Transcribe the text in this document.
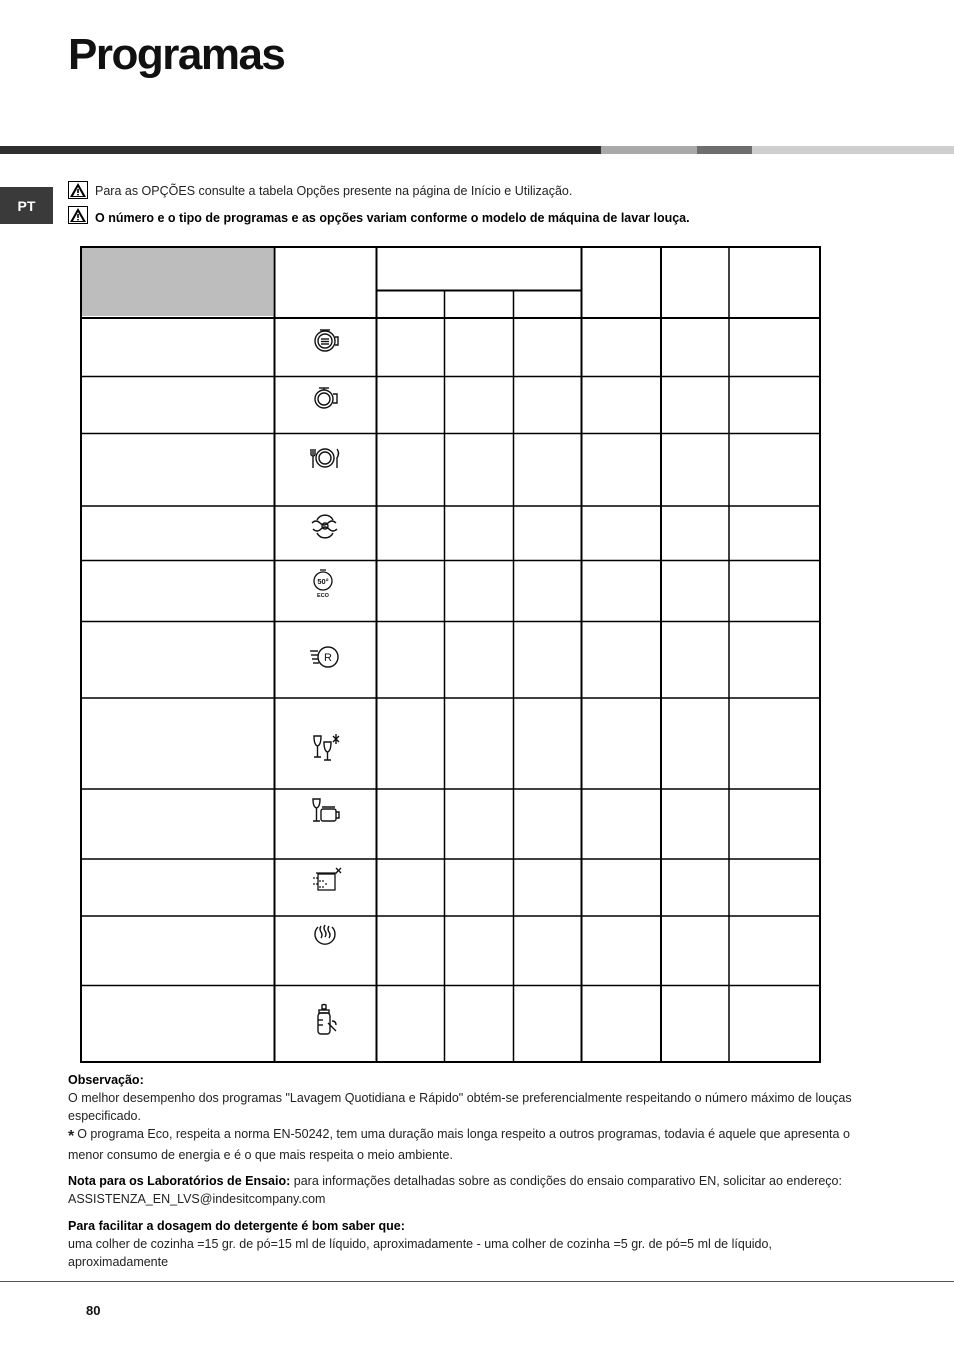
Programas
PT
Para as OPÇÕES consulte a tabela Opções presente na página de Início e Utilização.
O número e o tipo de programas e as opções variam conforme o modelo de máquina de lavar louça.
50°
ECO
R
Observação:
O melhor desempenho dos programas "Lavagem Quotidiana e Rápido" obtém-se preferencialmente respeitando o número máximo de louças especificado.
* O programa Eco, respeita a norma EN-50242, tem uma duração mais longa respeito a outros programas, todavia é aquele que apresenta o menor consumo de energia e é o que mais respeita o meio ambiente.
Nota para os Laboratórios de Ensaio: para informações detalhadas sobre as condições do ensaio comparativo EN, solicitar ao endereço: ASSISTENZA_EN_LVS@indesitcompany.com
Para facilitar a dosagem do detergente é bom saber que:
uma colher de cozinha =15 gr. de pó=15 ml de líquido, aproximadamente - uma colher de cozinha =5 gr. de pó=5 ml de líquido, aproximadamente
80
